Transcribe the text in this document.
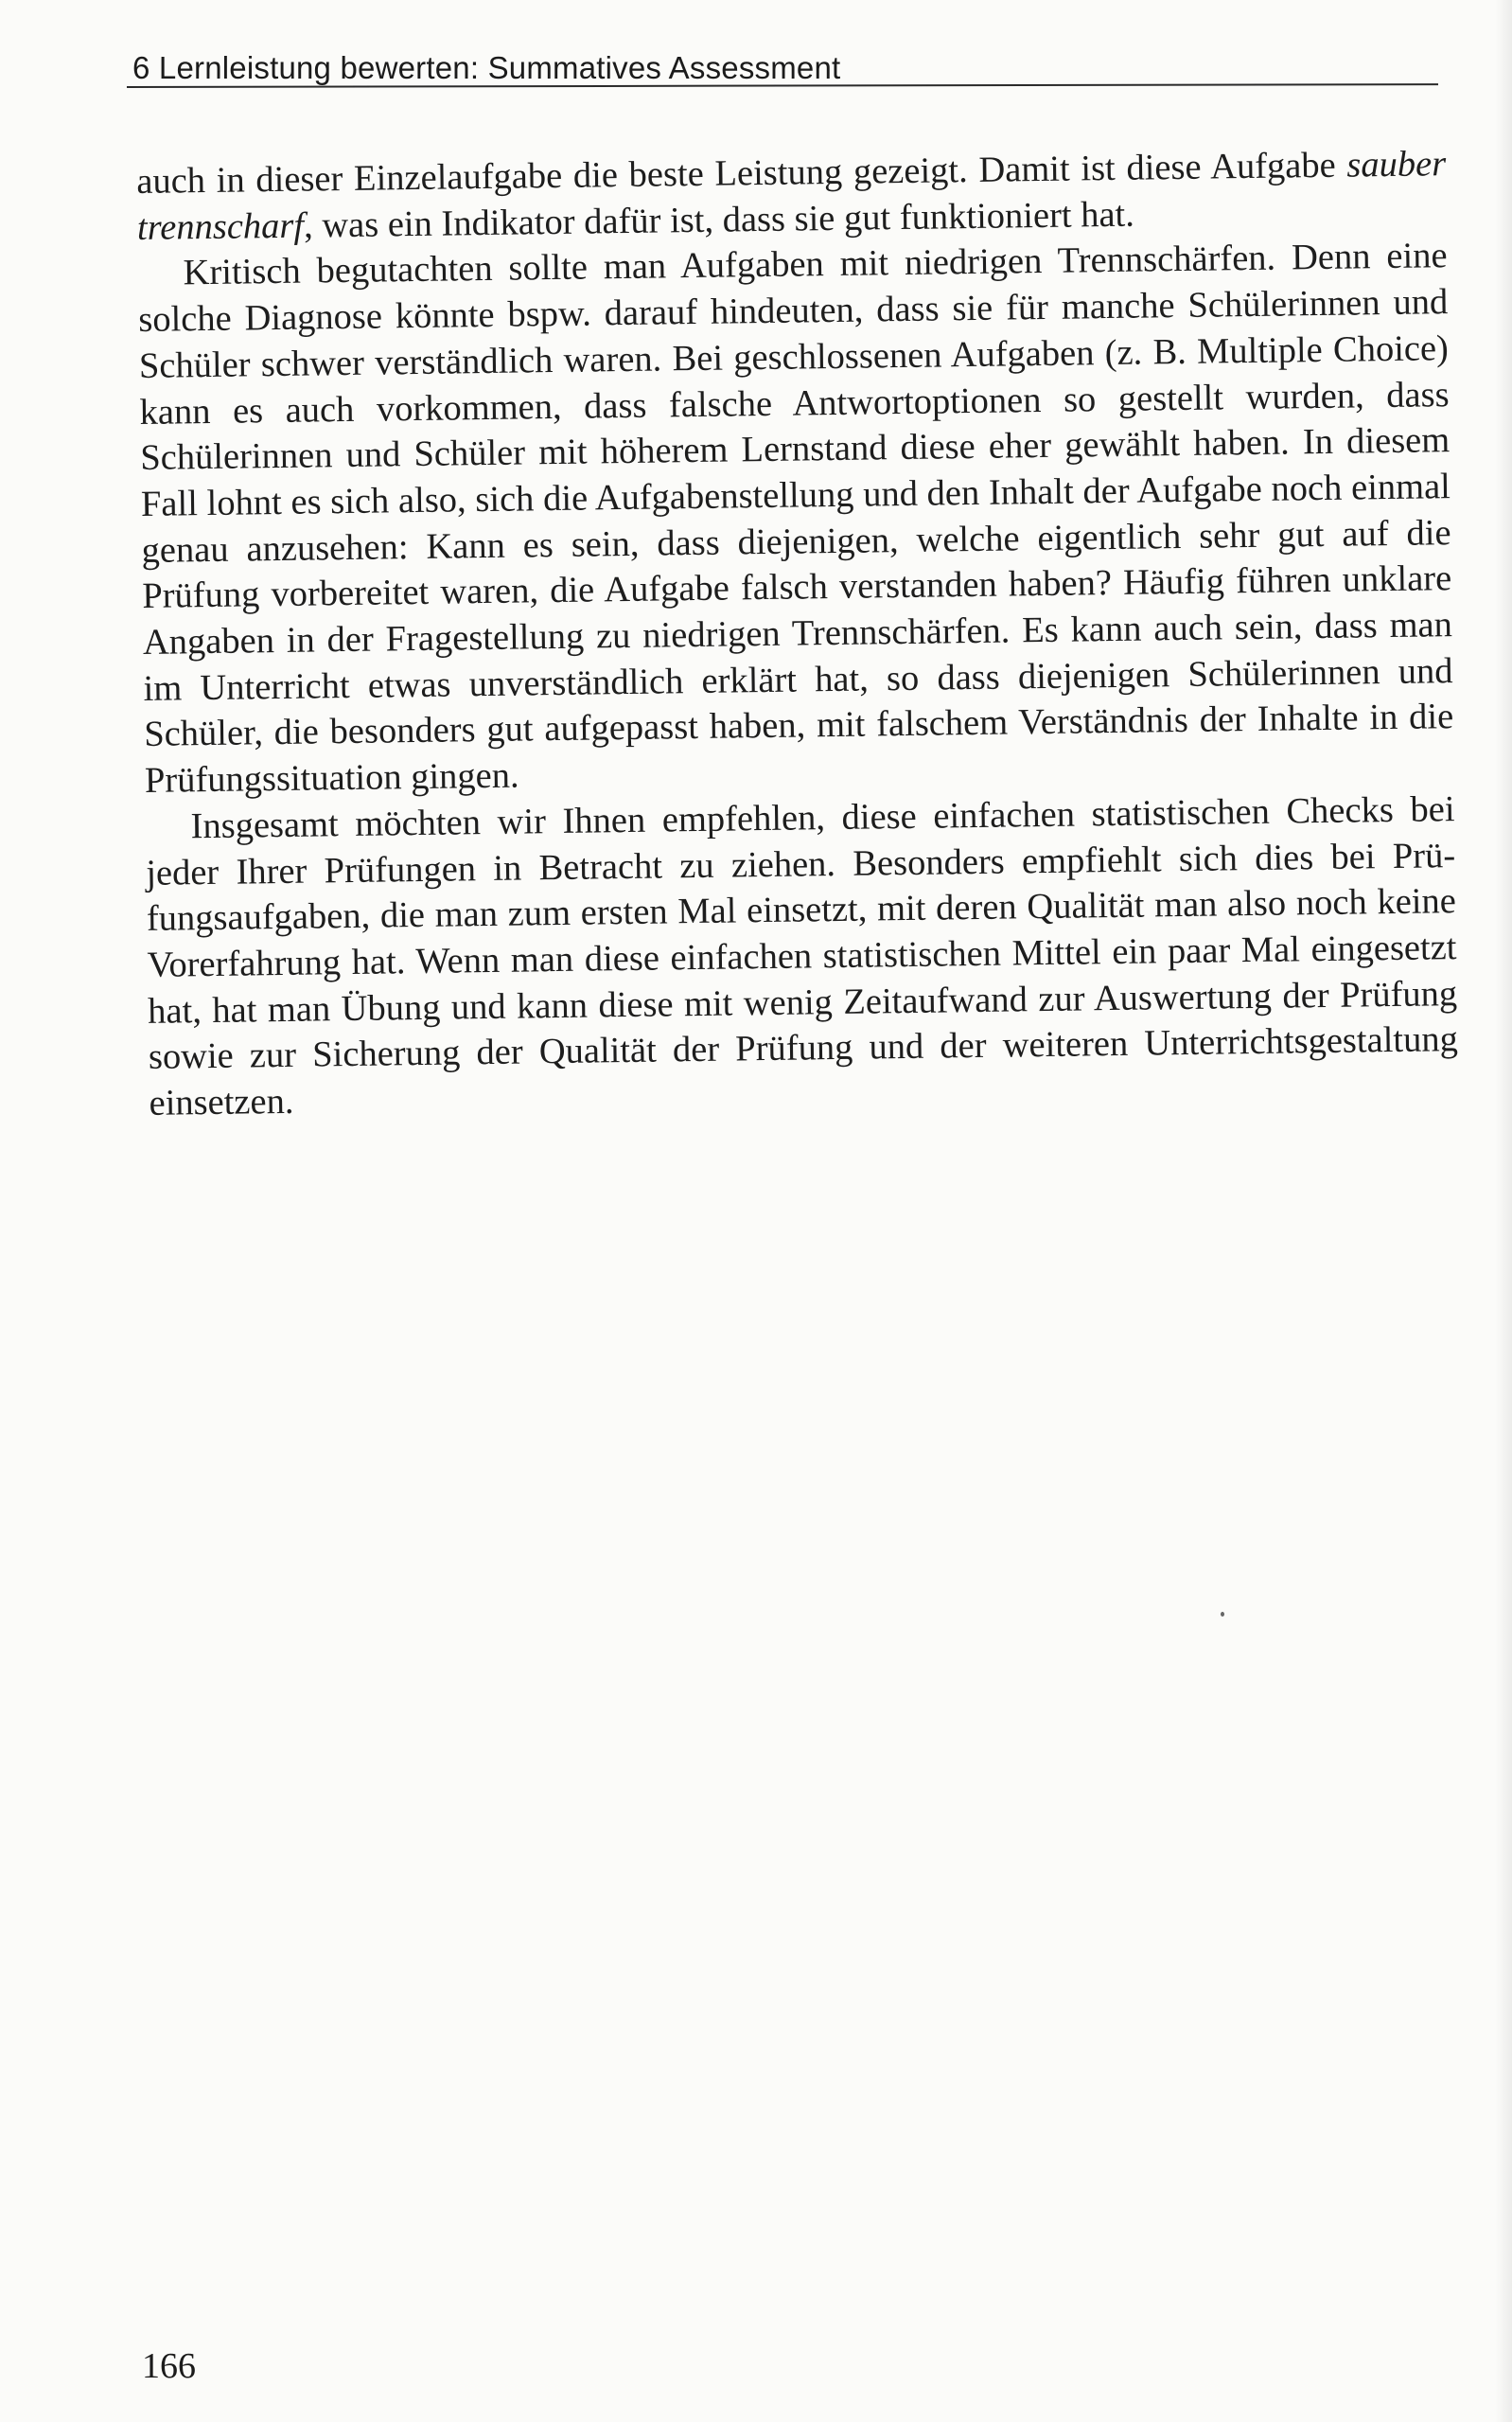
6 Lernleistung bewerten: Summatives Assessment

auch in dieser Einzelaufgabe die beste Leistung gezeigt. Damit ist diese Aufgabe sauber trennscharf, was ein Indikator dafür ist, dass sie gut funktioniert hat.

Kritisch begutachten sollte man Aufgaben mit niedrigen Trennschärfen. Denn eine solche Diagnose könnte bspw. darauf hindeuten, dass sie für manche Schülerinnen und Schüler schwer verständlich waren. Bei geschlossenen Aufgaben (z. B. Multiple Choice) kann es auch vorkommen, dass falsche Antwortoptionen so gestellt wurden, dass Schülerinnen und Schüler mit höherem Lernstand diese eher gewählt haben. In diesem Fall lohnt es sich also, sich die Aufgabenstellung und den Inhalt der Aufgabe noch einmal genau anzusehen: Kann es sein, dass diejenigen, welche eigentlich sehr gut auf die Prüfung vorbereitet waren, die Aufgabe falsch verstanden haben? Häufig führen unklare Angaben in der Fragestellung zu niedrigen Trennschärfen. Es kann auch sein, dass man im Unterricht etwas unverständlich erklärt hat, so dass diejenigen Schülerinnen und Schüler, die besonders gut aufgepasst haben, mit falschem Verständnis der Inhalte in die Prüfungssituation gingen.

Insgesamt möchten wir Ihnen empfehlen, diese einfachen statistischen Checks bei jeder Ihrer Prüfungen in Betracht zu ziehen. Besonders empfiehlt sich dies bei Prüfungsaufgaben, die man zum ersten Mal einsetzt, mit deren Qualität man also noch keine Vorerfahrung hat. Wenn man diese einfachen statistischen Mittel ein paar Mal eingesetzt hat, hat man Übung und kann diese mit wenig Zeitaufwand zur Auswertung der Prüfung sowie zur Sicherung der Qualität der Prüfung und der weiteren Unterrichtsgestaltung einsetzen.

166
